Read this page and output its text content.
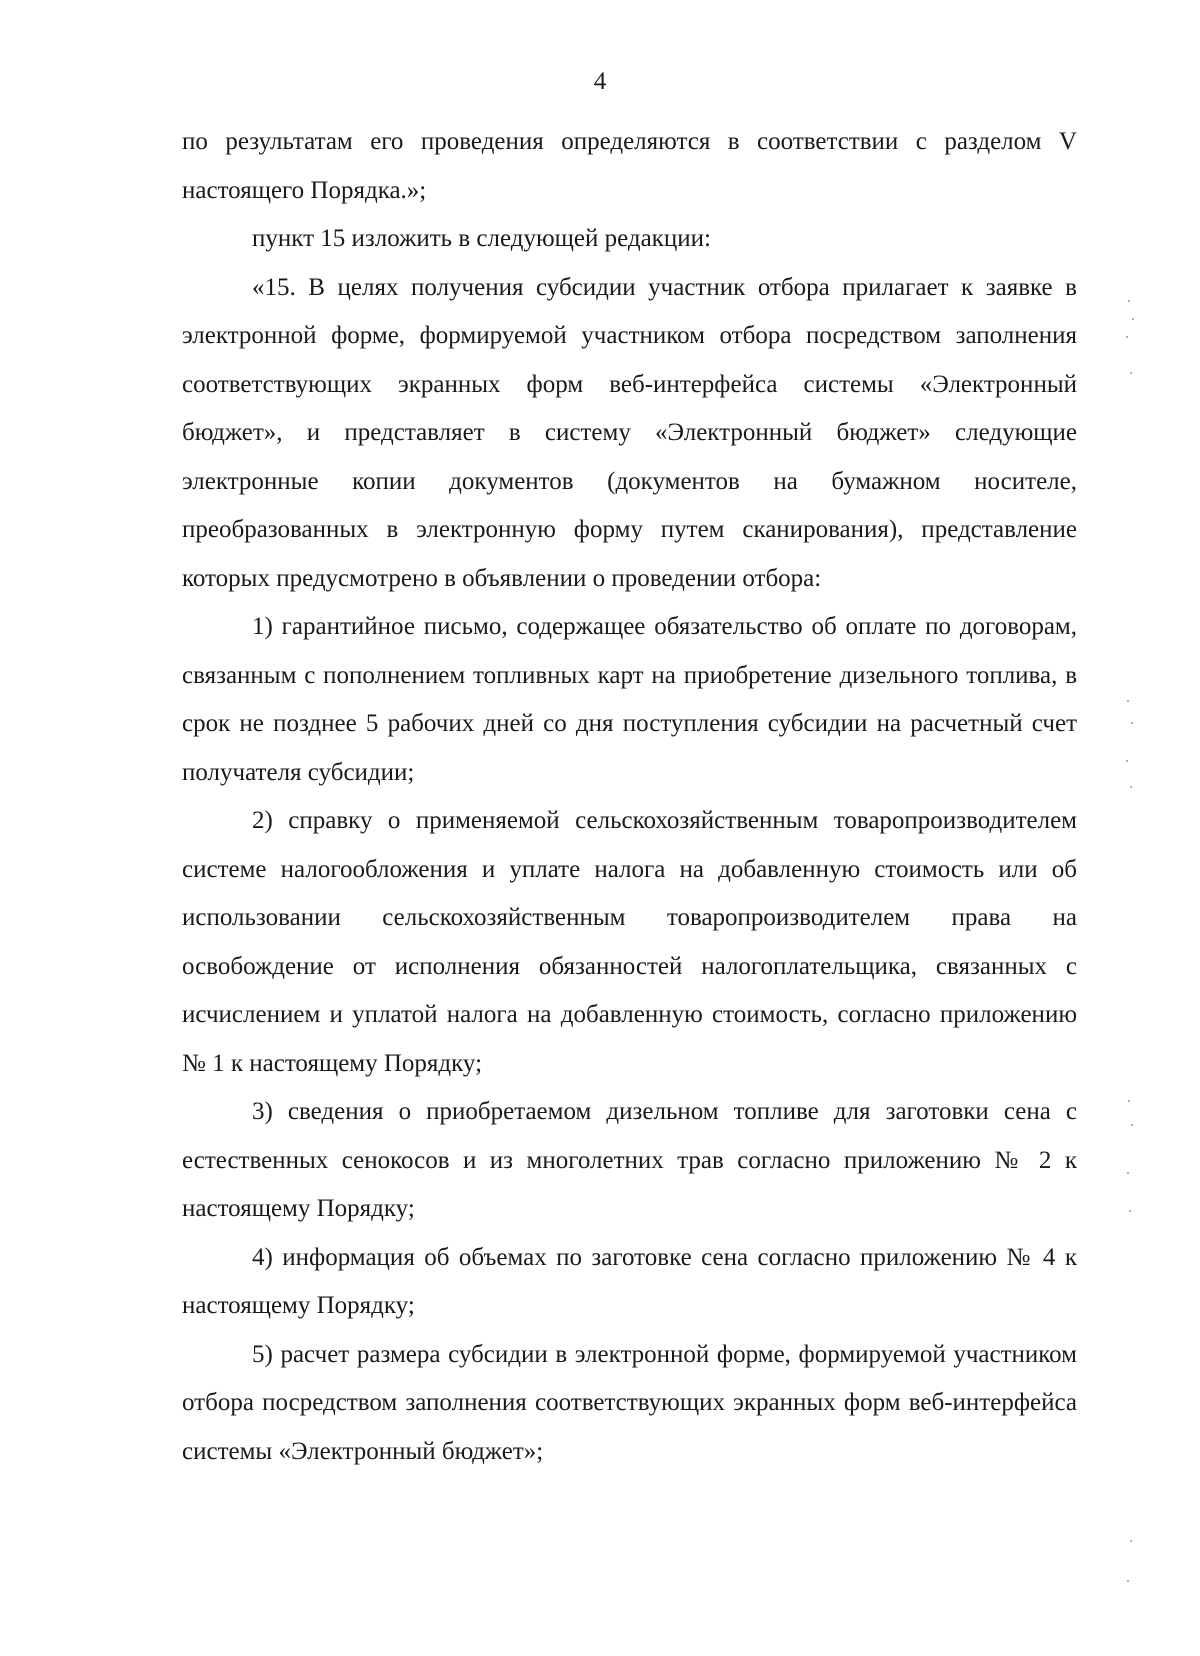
4

по результатам его проведения определяются в соответствии с разделом V настоящего Порядка.»;

пункт 15 изложить в следующей редакции:

«15. В целях получения субсидии участник отбора прилагает к заявке в электронной форме, формируемой участником отбора посредством заполнения соответствующих экранных форм веб-интерфейса системы «Электронный бюджет», и представляет в систему «Электронный бюджет» следующие электронные копии документов (документов на бумажном носителе, преобразованных в электронную форму путем сканирования), представление которых предусмотрено в объявлении о проведении отбора:

1) гарантийное письмо, содержащее обязательство об оплате по договорам, связанным с пополнением топливных карт на приобретение дизельного топлива, в срок не позднее 5 рабочих дней со дня поступления субсидии на расчетный счет получателя субсидии;

2) справку о применяемой сельскохозяйственным товаропроизводителем системе налогообложения и уплате налога на добавленную стоимость или об использовании сельскохозяйственным товаропроизводителем права на освобождение от исполнения обязанностей налогоплательщика, связанных с исчислением и уплатой налога на добавленную стоимость, согласно приложению № 1 к настоящему Порядку;

3) сведения о приобретаемом дизельном топливе для заготовки сена с естественных сенокосов и из многолетних трав согласно приложению № 2 к настоящему Порядку;

4) информация об объемах по заготовке сена согласно приложению № 4 к настоящему Порядку;

5) расчет размера субсидии в электронной форме, формируемой участником отбора посредством заполнения соответствующих экранных форм веб-интерфейса системы «Электронный бюджет»;
